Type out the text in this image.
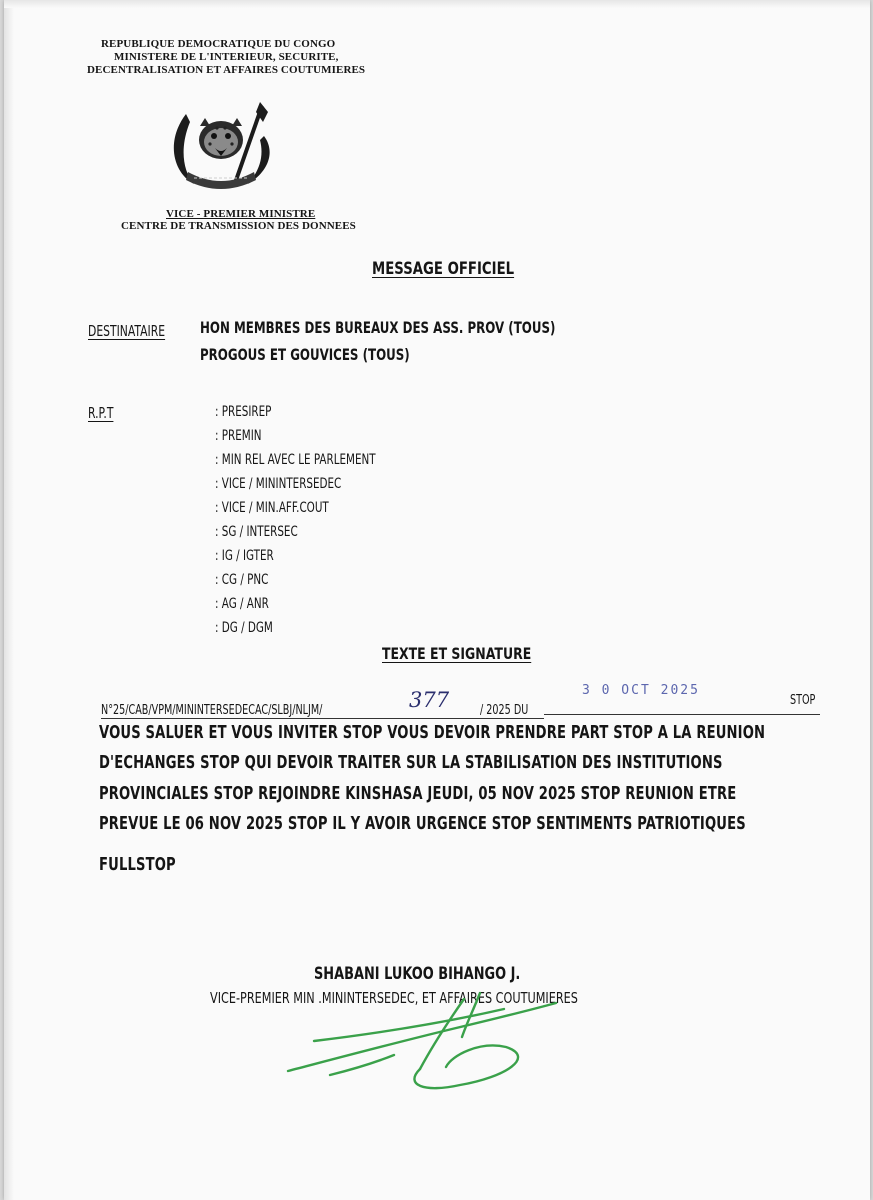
REPUBLIQUE DEMOCRATIQUE DU CONGO
MINISTERE DE L'INTERIEUR, SECURITE,
DECENTRALISATION ET AFFAIRES COUTUMIERES
VICE - PREMIER MINISTRE
CENTRE DE TRANSMISSION DES DONNEES
MESSAGE OFFICIEL
DESTINATAIRE HON MEMBRES DES BUREAUX DES ASS. PROV (TOUS)
PROGOUS ET GOUVICES (TOUS)
R.P.T	: PRESIREP
: PREMIN
: MIN REL AVEC LE PARLEMENT
: VICE / MININTERSEDEC
: VICE / MIN.AFF.COUT
: SG / INTERSEC
: IG / IGTER
: CG / PNC
: AG / ANR
: DG / DGM
TEXTE ET SIGNATURE
N°25/CAB/VPM/MININTERSEDECAC/SLBJ/NLJM/	377 / 2025 DU
3 0 OCT 2025
STOP
VOUS SALUER ET VOUS INVITER STOP VOUS DEVOIR PRENDRE PART STOP A LA REUNION
D'ECHANGES STOP QUI DEVOIR TRAITER SUR LA STABILISATION DES INSTITUTIONS
PROVINCIALES STOP REJOINDRE KINSHASA JEUDI, 05 NOV 2025 STOP REUNION ETRE
PREVUE LE 06 NOV 2025 STOP IL Y AVOIR URGENCE STOP SENTIMENTS PATRIOTIQUES
FULLSTOP
SHABANI LUKOO BIHANGO J.
VICE-PREMIER MIN .MININTERSEDEC, ET AFFAIRES COUTUMIERES
